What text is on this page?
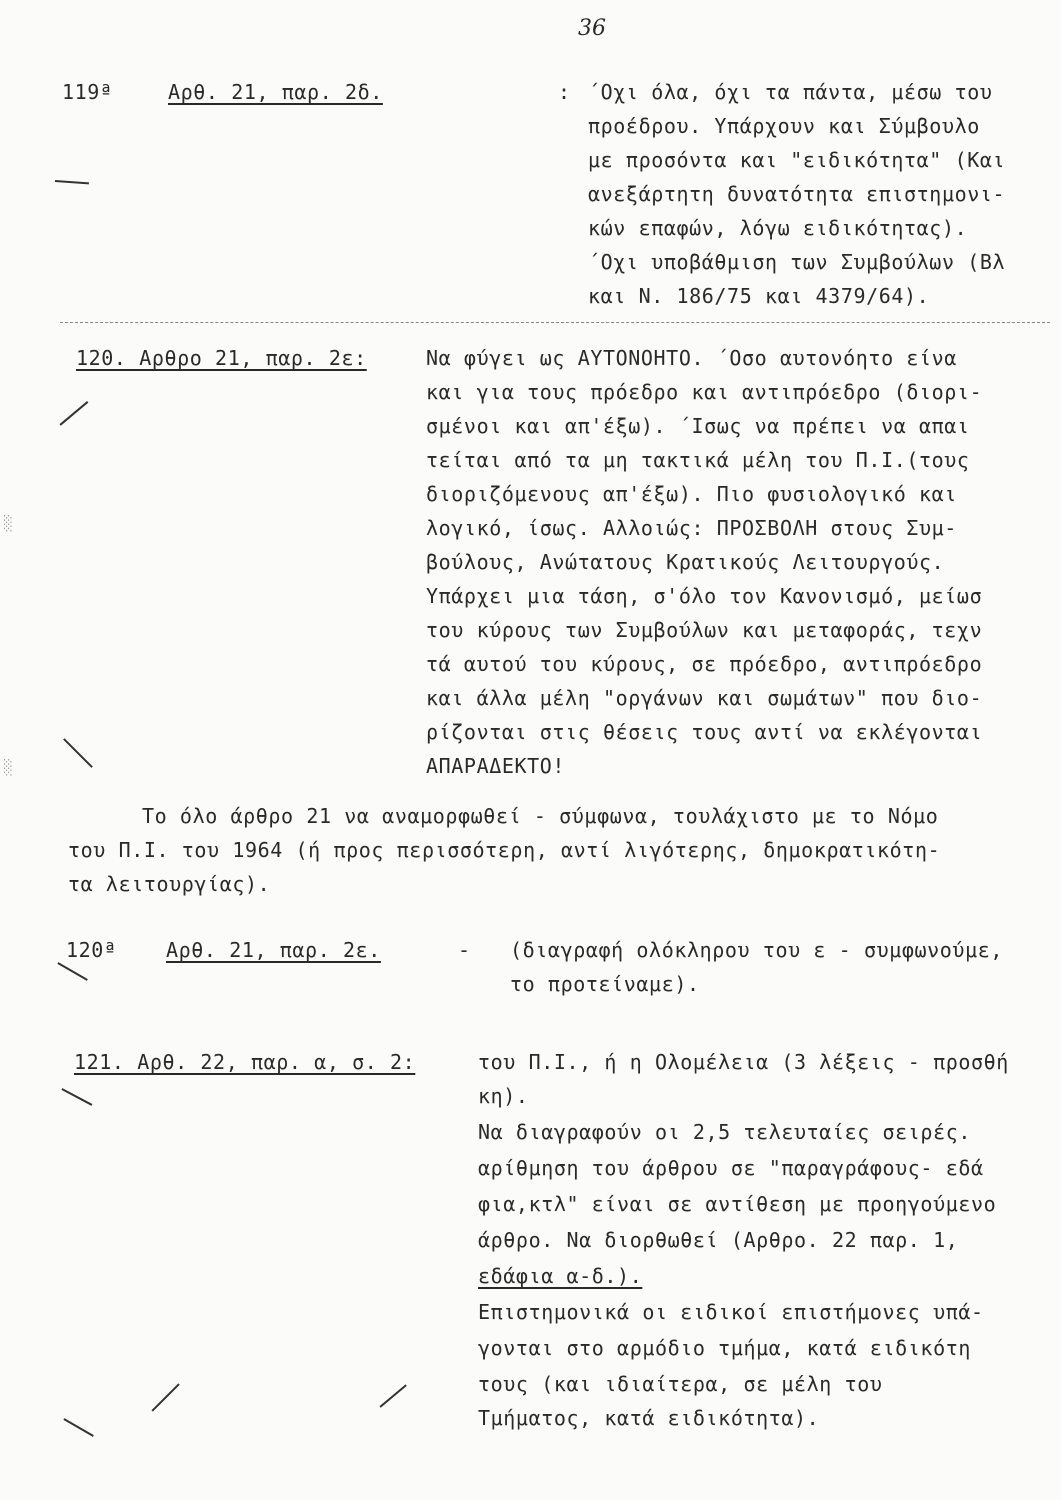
36
119ª	Αρθ. 21, παρ. 2δ.	: ΄Οχι όλα, όχι τα πάντα, μέσω του
προέδρου. Υπάρχουν και Σύμβουλο
με προσόντα και "ειδικότητα" (Και
ανεξάρτητη δυνατότητα επιστημονι-
κών επαφών, λόγω ειδικότητας).
΄Οχι υποβάθμιση των Συμβούλων (Βλ
και Ν. 186/75 και 4379/64).
120. Αρθρο 21, παρ. 2ε:	Να φύγει ως ΑΥΤΟΝΟΗΤΟ. ΄Οσο αυτονόητο είνα
και για τους πρόεδρο και αντιπρόεδρο (διορι-
σμένοι και απ'έξω). ΄Ισως να πρέπει να απαι
τείται από τα μη τακτικά μέλη του Π.Ι.(τους
διοριζόμενους απ'έξω). Πιο φυσιολογικό και
λογικό, ίσως. Αλλοιώς: ΠΡΟΣΒΟΛΗ στους Συμ-
βούλους, Ανώτατους Κρατικούς Λειτουργούς.
Υπάρχει μια τάση, σ'όλο τον Κανονισμό, μείωσ
του κύρους των Συμβούλων και μεταφοράς, τεχν
τά αυτού του κύρους, σε πρόεδρο, αντιπρόεδρο
και άλλα μέλη "οργάνων και σωμάτων" που διο-
ρίζονται στις θέσεις τους αντί να εκλέγονται
ΑΠΑΡΑΔΕΚΤΟ!
Το όλο άρθρο 21 να αναμορφωθεί - σύμφωνα, τουλάχιστο με το Νόμο
του Π.Ι. του 1964 (ή προς περισσότερη, αντί λιγότερης, δημοκρατικότη-
τα λειτουργίας).
120ª Αρθ. 21, παρ. 2ε.	- (διαγραφή ολόκληρου του ε - συμφωνούμε,
το προτείναμε).
121. Αρθ. 22, παρ. α, σ. 2:	του Π.Ι., ή η Ολομέλεια (3 λέξεις - προσθή
κη).
Να διαγραφούν οι 2,5 τελευταίες σειρές.
αρίθμηση του άρθρου σε "παραγράφους- εδά
φια,κτλ" είναι σε αντίθεση με προηγούμενο
άρθρο. Να διορθωθεί (Αρθρο. 22 παρ. 1,
εδάφια α-δ.).
Επιστημονικά οι ειδικοί επιστήμονες υπά-
γονται στο αρμόδιο τμήμα, κατά ειδικότη
τους (και ιδιαίτερα, σε μέλη του
Τμήματος, κατά ειδικότητα).
░
░
